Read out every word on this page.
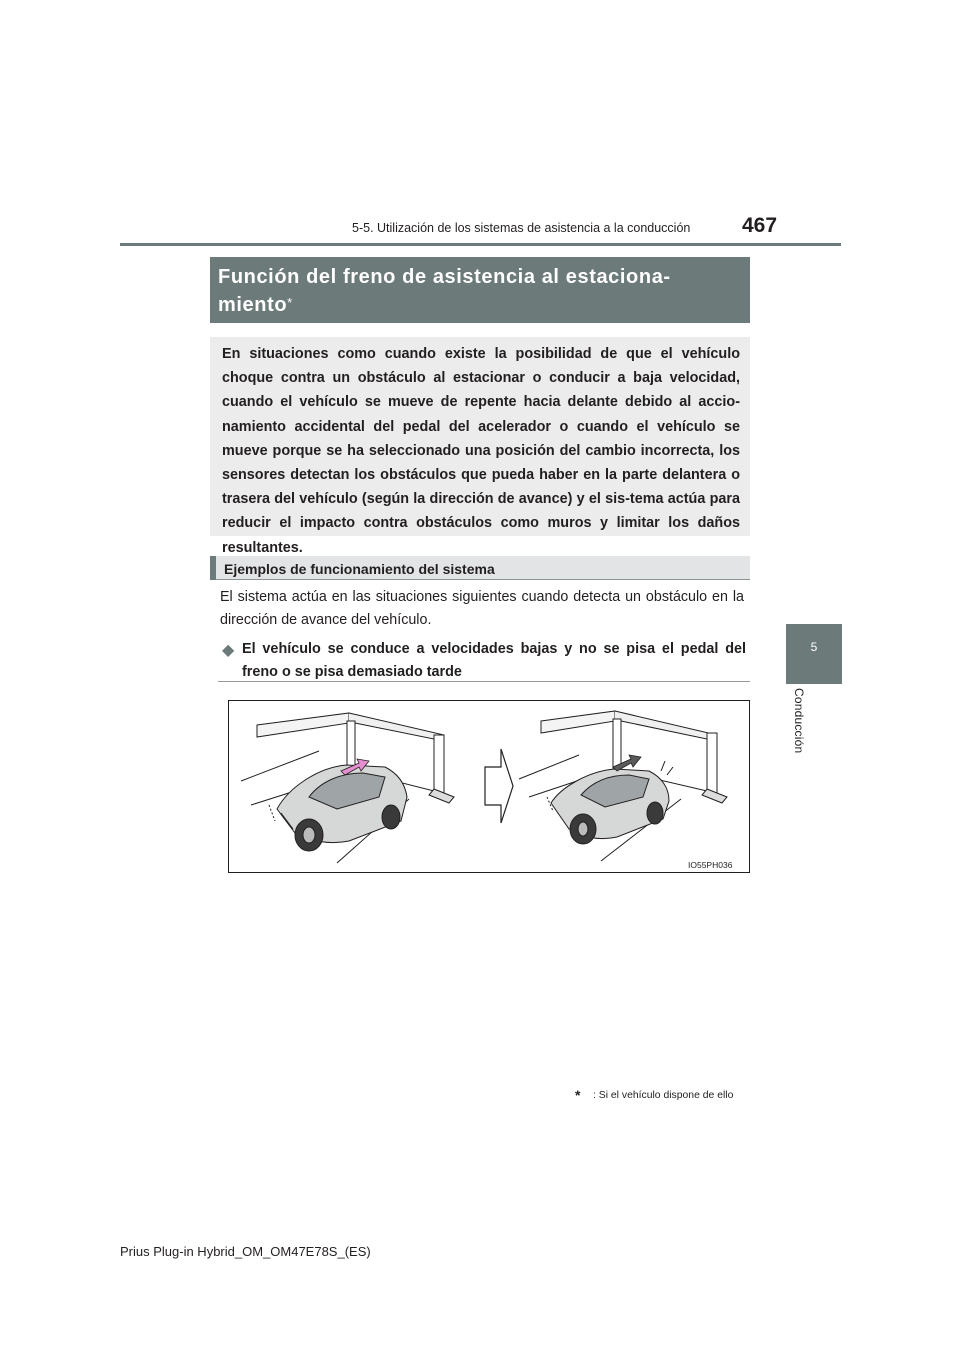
5-5. Utilización de los sistemas de asistencia a la conducción 467
5
Conducción

Función del freno de asistencia al estaciona-
miento*

En situaciones como cuando existe la posibilidad de que el vehículo choque contra un obstáculo al estacionar o conducir a baja velocidad, cuando el vehículo se mueve de repente hacia delante debido al accio-namiento accidental del pedal del acelerador o cuando el vehículo se mueve porque se ha seleccionado una posición del cambio incorrecta, los sensores detectan los obstáculos que pueda haber en la parte delantera o trasera del vehículo (según la dirección de avance) y el sis-tema actúa para reducir el impacto contra obstáculos como muros y limitar los daños resultantes.

Ejemplos de funcionamiento del sistema

El sistema actúa en las situaciones siguientes cuando detecta un obstáculo en la dirección de avance del vehículo.

◆ El vehículo se conduce a velocidades bajas y no se pisa el pedal del freno o se pisa demasiado tarde

IO55PH036
* : Si el vehículo dispone de ello
Prius Plug-in Hybrid_OM_OM47E78S_(ES)
